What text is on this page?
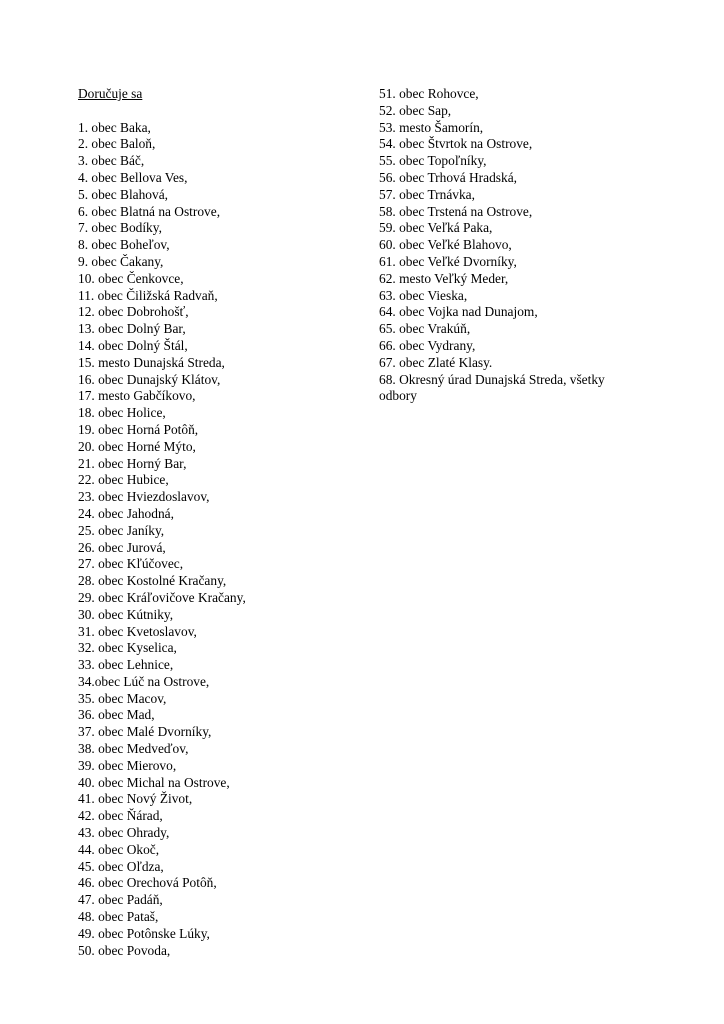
Doručuje sa

1. obec Baka,

2. obec Baloň,

3. obec Báč,

4. obec Bellova Ves,

5. obec Blahová,

6. obec Blatná na Ostrove,

7. obec Bodíky,

8. obec Boheľov,

9. obec Čakany,

10. obec Čenkovce,

11. obec Čiližská Radvaň,

12. obec Dobrohošť,

13. obec Dolný Bar,

14. obec Dolný Štál,

15. mesto Dunajská Streda,

16. obec Dunajský Klátov,

17. mesto Gabčíkovo,

18. obec Holice,

19. obec Horná Potôň,

20. obec Horné Mýto,

21. obec Horný Bar,

22. obec Hubice,

23. obec Hviezdoslavov,

24. obec Jahodná,

25. obec Janíky,

26. obec Jurová,

27. obec Kľúčovec,

28. obec Kostolné Kračany,

29. obec Kráľovičove Kračany,

30. obec Kútniky,

31. obec Kvetoslavov,

32. obec Kyselica,

33. obec Lehnice,

34.obec Lúč na Ostrove,

35. obec Macov,

36. obec Mad,

37. obec Malé Dvorníky,

38. obec Medveďov,

39. obec Mierovo,

40. obec Michal na Ostrove,

41. obec Nový Život,

42. obec Ňárad,

43. obec Ohrady,

44. obec Okoč,

45. obec Oľdza,

46. obec Orechová Potôň,

47. obec Padáň,

48. obec Pataš,

49. obec Potônske Lúky,

50. obec Povoda,

51. obec Rohovce,

52. obec Sap,

53. mesto Šamorín,

54. obec Štvrtok na Ostrove,

55. obec Topoľníky,

56. obec Trhová Hradská,

57. obec Trnávka,

58. obec Trstená na Ostrove,

59. obec Veľká Paka,

60. obec Veľké Blahovo,

61. obec Veľké Dvorníky,

62. mesto Veľký Meder,

63. obec Vieska,

64. obec Vojka nad Dunajom,

65. obec Vrakúň,

66. obec Vydrany,

67. obec Zlaté Klasy.

68. Okresný úrad Dunajská Streda, všetky

odbory
